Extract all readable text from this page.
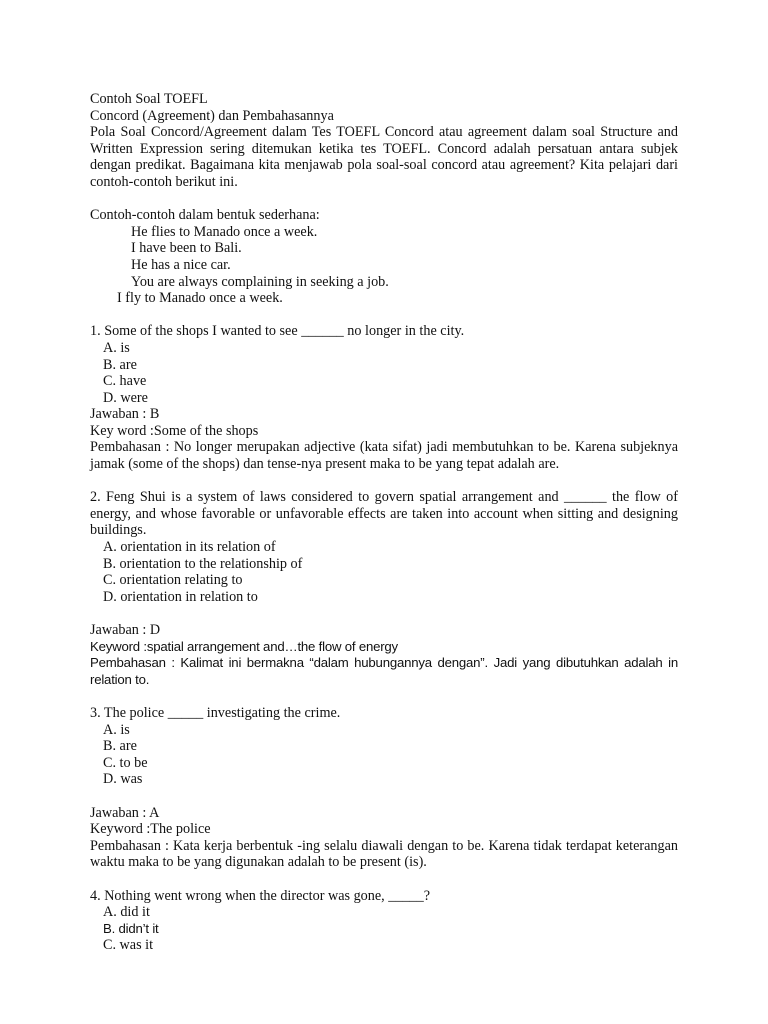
Contoh Soal TOEFL
Concord (Agreement) dan Pembahasannya
Pola Soal Concord/Agreement dalam Tes TOEFL Concord atau agreement dalam soal Structure and Written Expression sering ditemukan ketika tes TOEFL. Concord adalah persatuan antara subjek dengan predikat. Bagaimana kita menjawab pola soal-soal concord atau agreement? Kita pelajari dari contoh-contoh berikut ini.
Contoh-contoh dalam bentuk sederhana:
He flies to Manado once a week.
I have been to Bali.
He has a nice car.
You are always complaining in seeking a job.
I fly to Manado once a week.
1. Some of the shops I wanted to see ______ no longer in the city.
A. is
B. are
C. have
D. were
Jawaban : B
Key word :Some of the shops
Pembahasan : No longer merupakan adjective (kata sifat) jadi membutuhkan to be. Karena subjeknya jamak (some of the shops) dan tense-nya present maka to be yang tepat adalah are.
2. Feng Shui is a system of laws considered to govern spatial arrangement and ______ the flow of energy, and whose favorable or unfavorable effects are taken into account when sitting and designing buildings.
A. orientation in its relation of
B. orientation to the relationship of
C. orientation relating to
D. orientation in relation to
Jawaban : D
Keyword :spatial arrangement and…the flow of energy
Pembahasan : Kalimat ini bermakna “dalam hubungannya dengan”. Jadi yang dibutuhkan adalah in relation to.
3. The police _____ investigating the crime.
A. is
B. are
C. to be
D. was
Jawaban : A
Keyword :The police
Pembahasan : Kata kerja berbentuk -ing selalu diawali dengan to be. Karena tidak terdapat keterangan waktu maka to be yang digunakan adalah to be present (is).
4. Nothing went wrong when the director was gone, _____?
A. did it
B. didn’t it
C. was it
